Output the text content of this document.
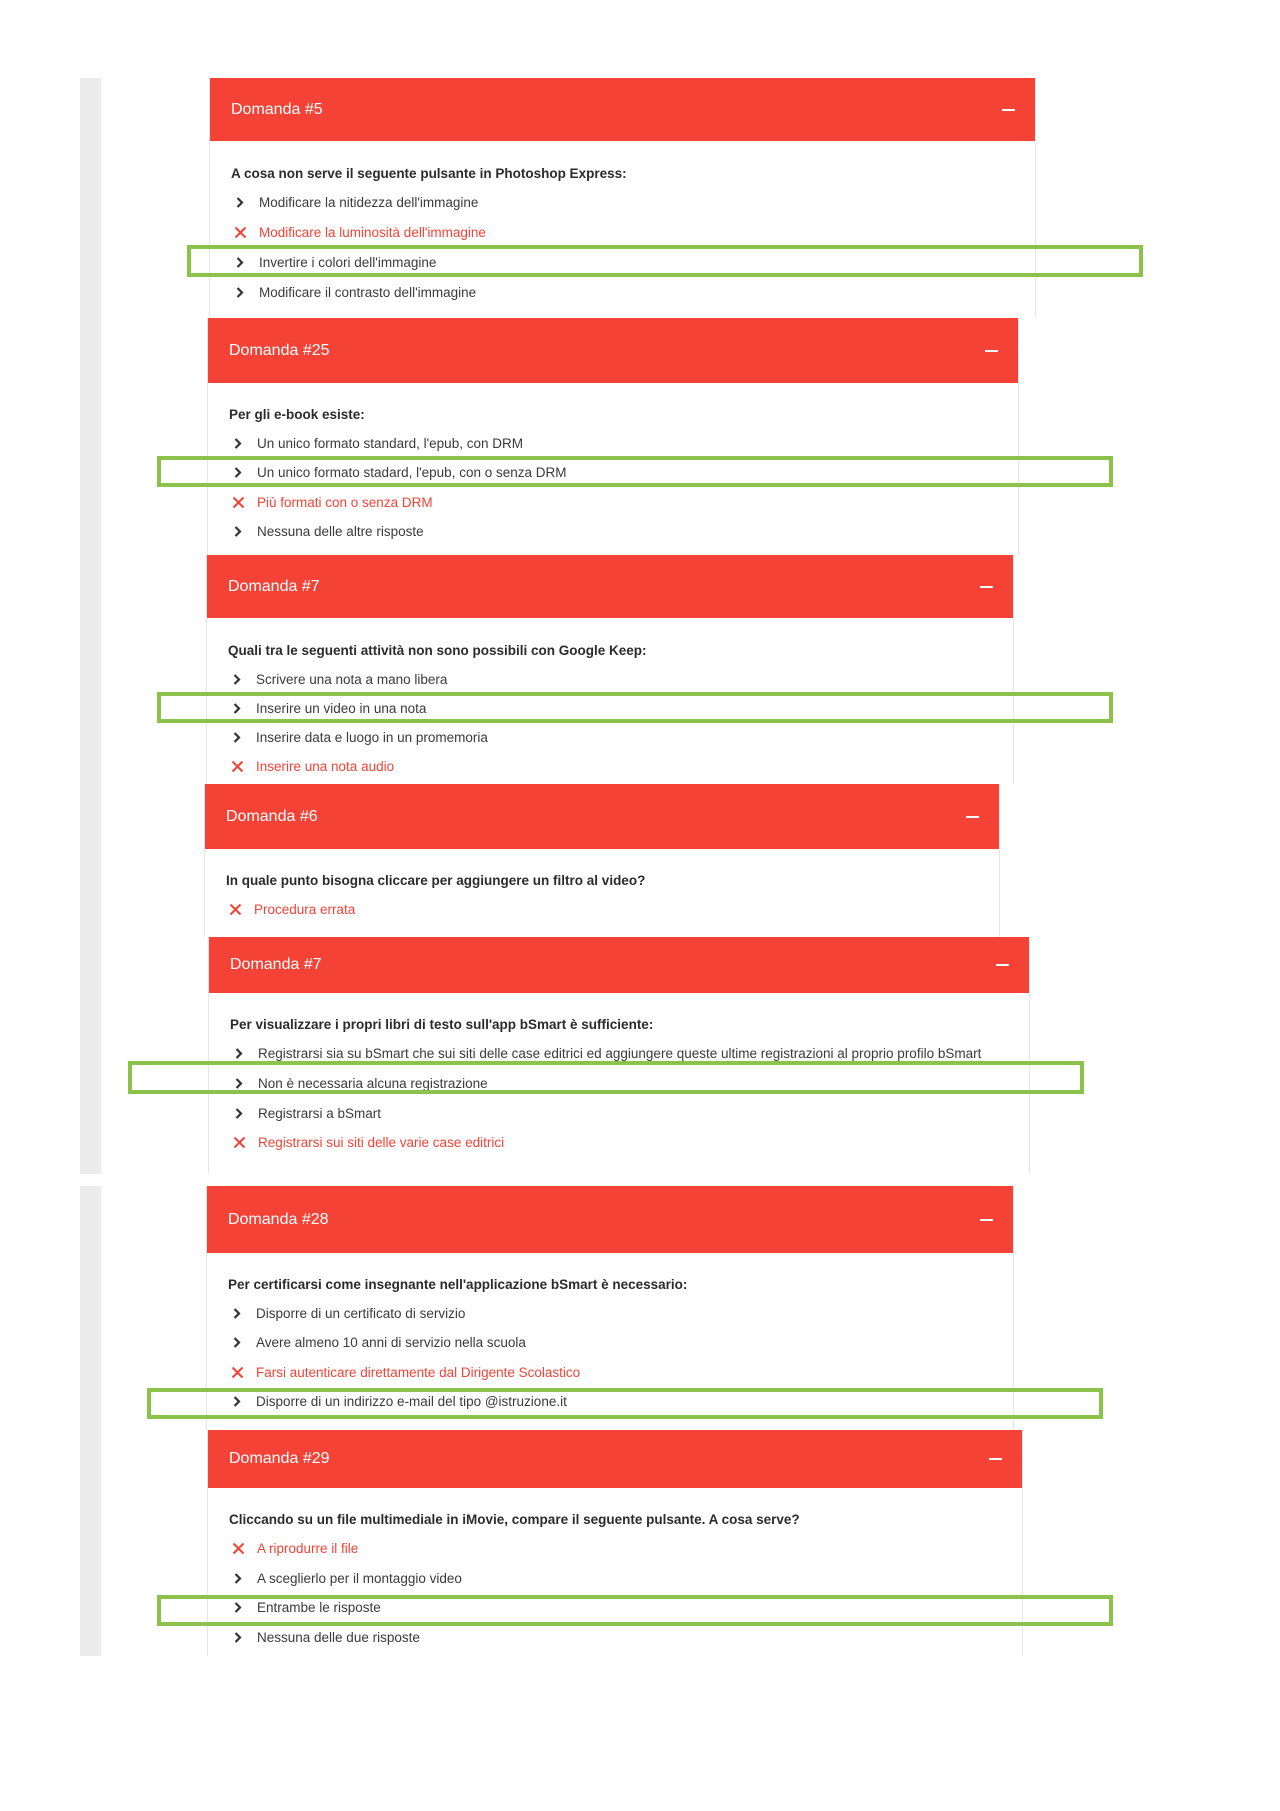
Domanda #5
A cosa non serve il seguente pulsante in Photoshop Express:
Modificare la nitidezza dell'immagine
Modificare la luminosità dell'immagine
Invertire i colori dell'immagine
Modificare il contrasto dell'immagine
Domanda #25
Per gli e-book esiste:
Un unico formato standard, l'epub, con DRM
Un unico formato stadard, l'epub, con o senza DRM
Più formati con o senza DRM
Nessuna delle altre risposte
Domanda #7
Quali tra le seguenti attività non sono possibili con Google Keep:
Scrivere una nota a mano libera
Inserire un video in una nota
Inserire data e luogo in un promemoria
Inserire una nota audio
Domanda #6
In quale punto bisogna cliccare per aggiungere un filtro al video?
Procedura errata
Domanda #7
Per visualizzare i propri libri di testo sull'app bSmart è sufficiente:
Registrarsi sia su bSmart che sui siti delle case editrici ed aggiungere queste ultime registrazioni al proprio profilo bSmart
Non è necessaria alcuna registrazione
Registrarsi a bSmart
Registrarsi sui siti delle varie case editrici
Domanda #28
Per certificarsi come insegnante nell'applicazione bSmart è necessario:
Disporre di un certificato di servizio
Avere almeno 10 anni di servizio nella scuola
Farsi autenticare direttamente dal Dirigente Scolastico
Disporre di un indirizzo e-mail del tipo @istruzione.it
Domanda #29
Cliccando su un file multimediale in iMovie, compare il seguente pulsante. A cosa serve?
A riprodurre il file
A sceglierlo per il montaggio video
Entrambe le risposte
Nessuna delle due risposte
